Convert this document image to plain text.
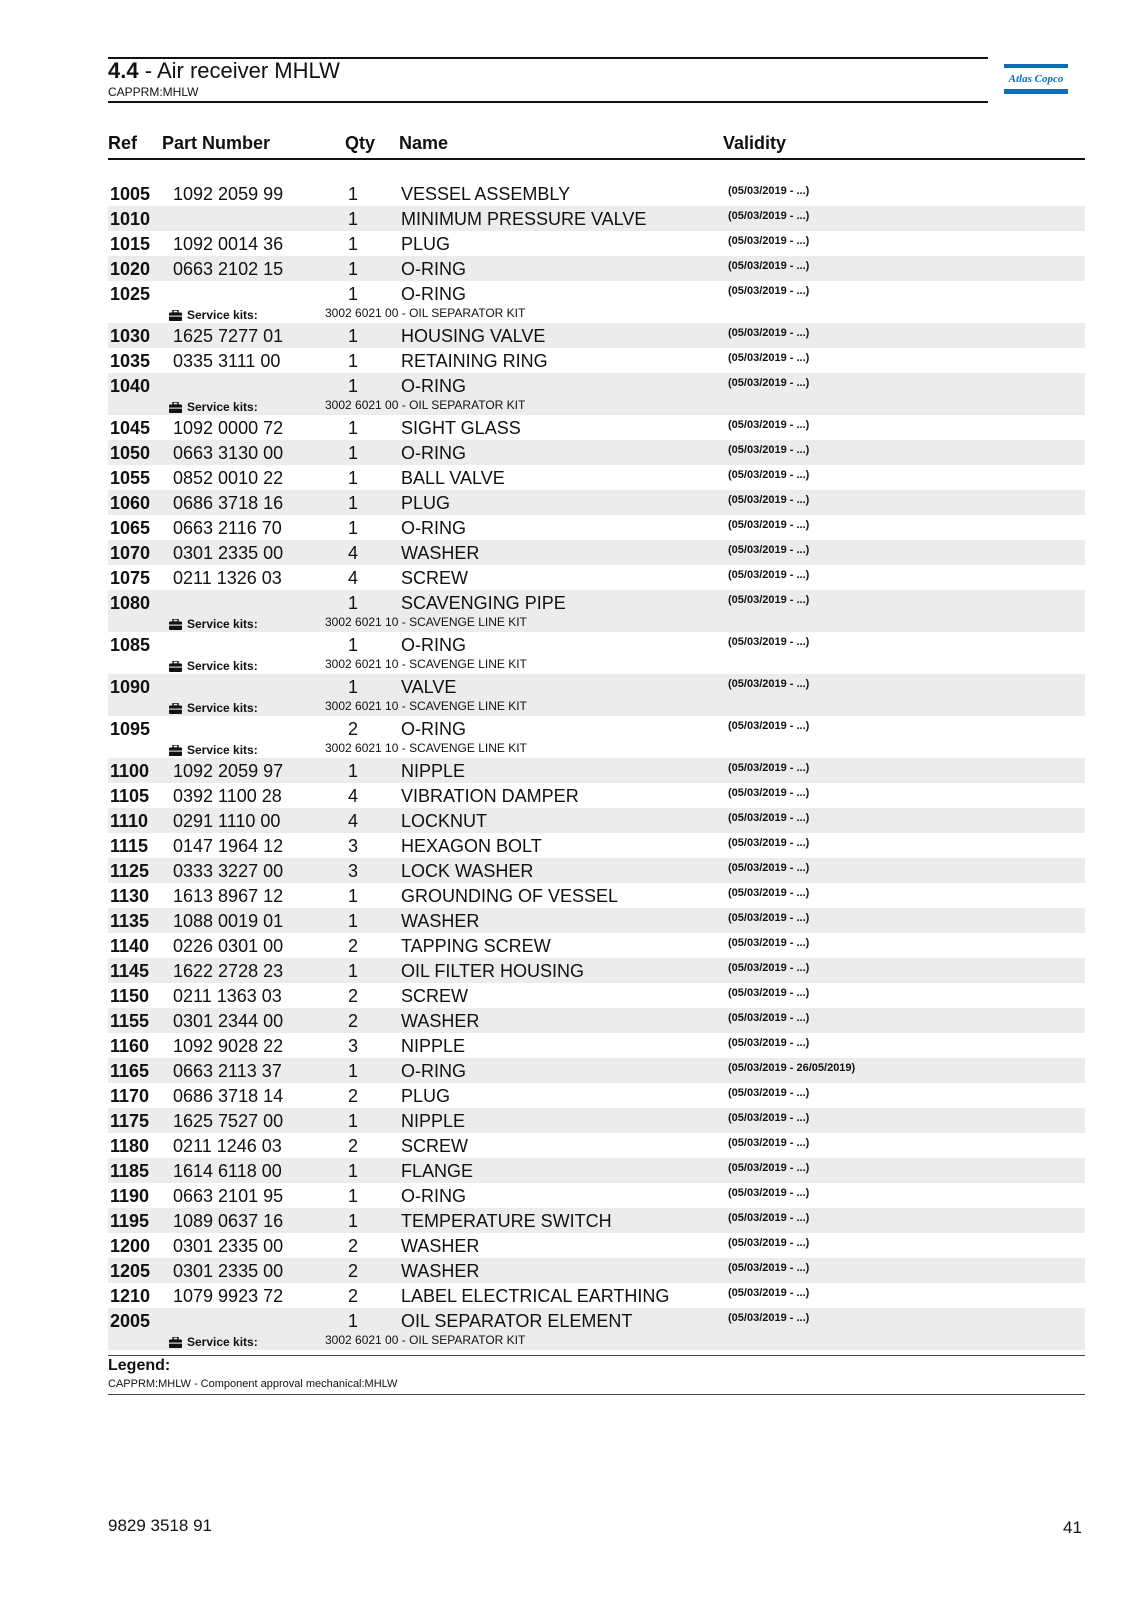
4.4 - Air receiver MHLW
CAPPRM:MHLW
Atlas Copco
Ref Part Number	Qty Name	Validity
1005 1092 2059 99	1 VESSEL ASSEMBLY	(05/03/2019 - ...)
1010	1 MINIMUM PRESSURE VALVE	(05/03/2019 - ...)
1015 1092 0014 36	1 PLUG	(05/03/2019 - ...)
1020 0663 2102 15	1 O-RING	(05/03/2019 - ...)
1025	1 O-RING	(05/03/2019 - ...)
Service kits:	3002 6021 00 - OIL SEPARATOR KIT
1030 1625 7277 01	1 HOUSING VALVE	(05/03/2019 - ...)
1035 0335 3111 00	1 RETAINING RING	(05/03/2019 - ...)
1040	1 O-RING	(05/03/2019 - ...)
Service kits:	3002 6021 00 - OIL SEPARATOR KIT
1045 1092 0000 72	1 SIGHT GLASS	(05/03/2019 - ...)
1050 0663 3130 00	1 O-RING	(05/03/2019 - ...)
1055 0852 0010 22	1 BALL VALVE	(05/03/2019 - ...)
1060 0686 3718 16	1 PLUG	(05/03/2019 - ...)
1065 0663 2116 70	1 O-RING	(05/03/2019 - ...)
1070 0301 2335 00	4 WASHER	(05/03/2019 - ...)
1075 0211 1326 03	4 SCREW	(05/03/2019 - ...)
1080	1 SCAVENGING PIPE	(05/03/2019 - ...)
Service kits:	3002 6021 10 - SCAVENGE LINE KIT
1085	1 O-RING	(05/03/2019 - ...)
Service kits:	3002 6021 10 - SCAVENGE LINE KIT
1090	1 VALVE	(05/03/2019 - ...)
Service kits:	3002 6021 10 - SCAVENGE LINE KIT
1095	2 O-RING	(05/03/2019 - ...)
Service kits:	3002 6021 10 - SCAVENGE LINE KIT
1100 1092 2059 97	1 NIPPLE	(05/03/2019 - ...)
1105 0392 1100 28	4 VIBRATION DAMPER	(05/03/2019 - ...)
1110 0291 1110 00	4 LOCKNUT	(05/03/2019 - ...)
1115 0147 1964 12	3 HEXAGON BOLT	(05/03/2019 - ...)
1125 0333 3227 00	3 LOCK WASHER	(05/03/2019 - ...)
1130 1613 8967 12	1 GROUNDING OF VESSEL	(05/03/2019 - ...)
1135 1088 0019 01	1 WASHER	(05/03/2019 - ...)
1140 0226 0301 00	2 TAPPING SCREW	(05/03/2019 - ...)
1145 1622 2728 23	1 OIL FILTER HOUSING	(05/03/2019 - ...)
1150 0211 1363 03	2 SCREW	(05/03/2019 - ...)
1155 0301 2344 00	2 WASHER	(05/03/2019 - ...)
1160 1092 9028 22	3 NIPPLE	(05/03/2019 - ...)
1165 0663 2113 37	1 O-RING	(05/03/2019 - 26/05/2019)
1170 0686 3718 14	2 PLUG	(05/03/2019 - ...)
1175 1625 7527 00	1 NIPPLE	(05/03/2019 - ...)
1180 0211 1246 03	2 SCREW	(05/03/2019 - ...)
1185 1614 6118 00	1 FLANGE	(05/03/2019 - ...)
1190 0663 2101 95	1 O-RING	(05/03/2019 - ...)
1195 1089 0637 16	1 TEMPERATURE SWITCH	(05/03/2019 - ...)
1200 0301 2335 00	2 WASHER	(05/03/2019 - ...)
1205 0301 2335 00	2 WASHER	(05/03/2019 - ...)
1210 1079 9923 72	2 LABEL ELECTRICAL EARTHING	(05/03/2019 - ...)
2005	1 OIL SEPARATOR ELEMENT	(05/03/2019 - ...)
Service kits:	3002 6021 00 - OIL SEPARATOR KIT
Legend:
CAPPRM:MHLW - Component approval mechanical:MHLW
9829 3518 91	41
